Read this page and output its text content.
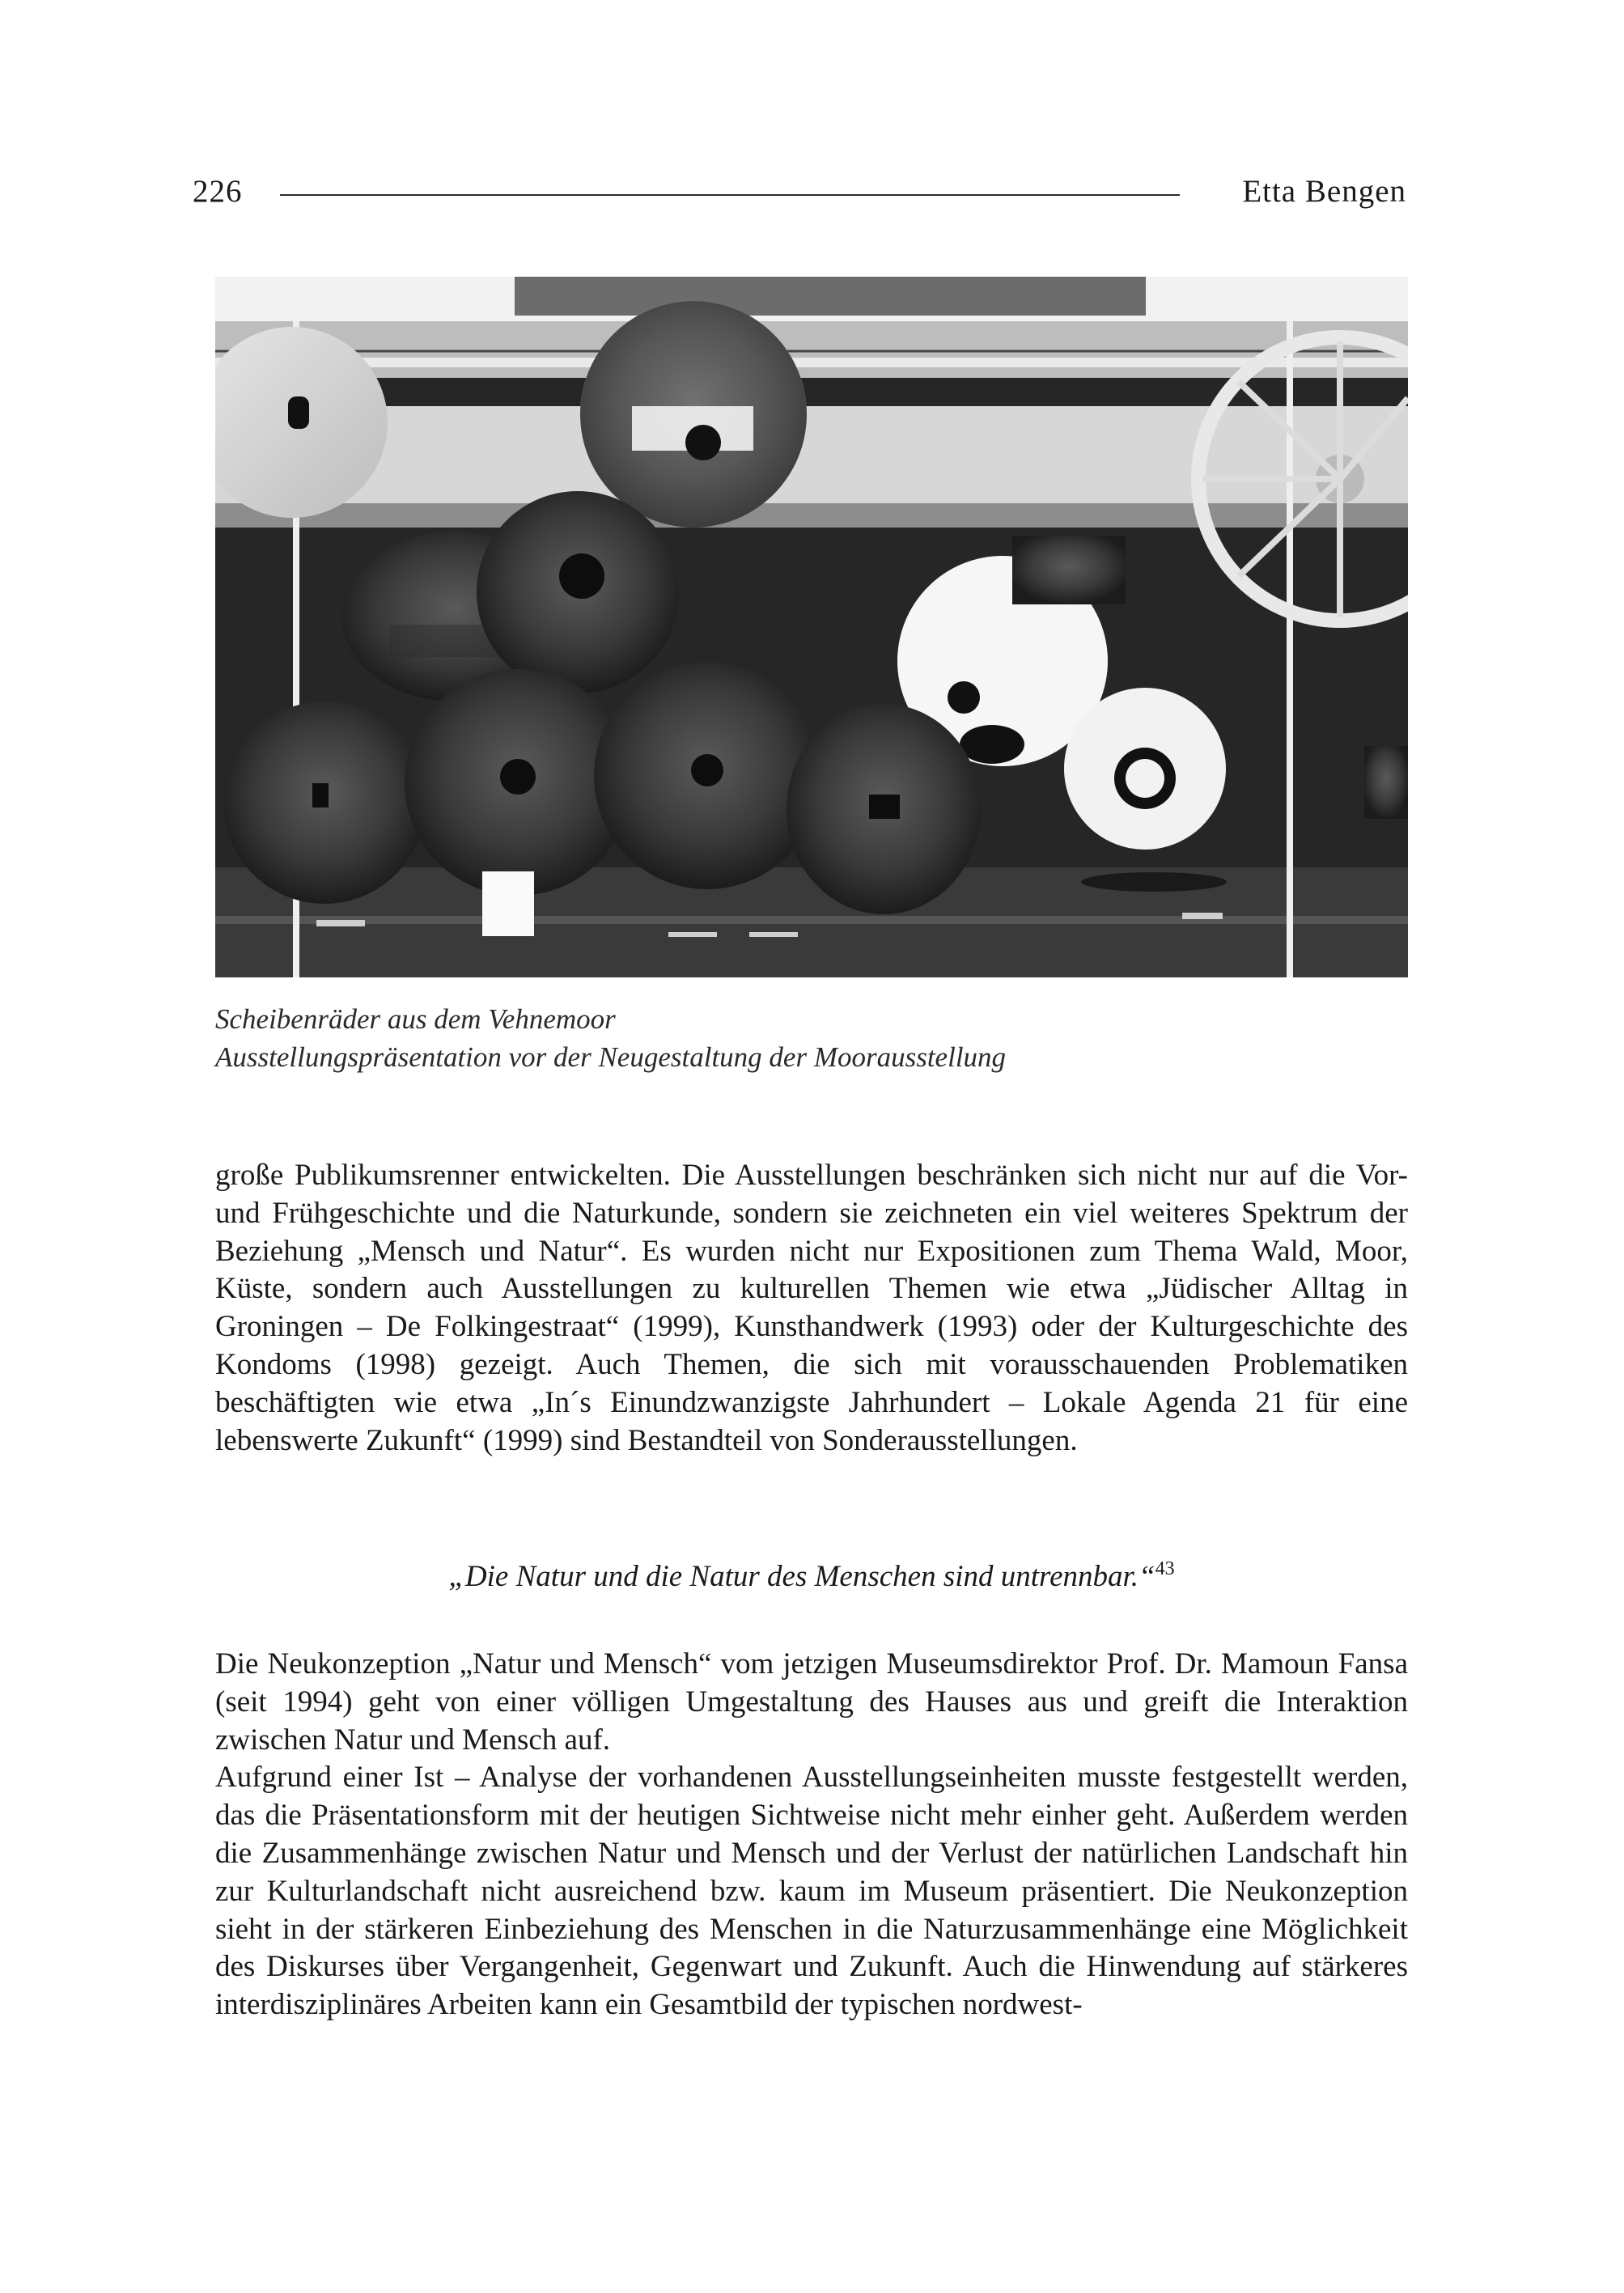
226	Etta Bengen
Scheibenräder aus dem Vehnemoor
Ausstellungspräsentation vor der Neugestaltung der Moorausstellung

große Publikumsrenner entwickelten. Die Ausstellungen beschränken sich nicht nur auf die Vor- und Frühgeschichte und die Naturkunde, sondern sie zeichneten ein viel weiteres Spektrum der Beziehung „Mensch und Natur“. Es wurden nicht nur Expositionen zum Thema Wald, Moor, Küste, sondern auch Ausstellungen zu kulturellen Themen wie etwa „Jüdischer Alltag in Groningen – De Folkingestraat“ (1999), Kunsthandwerk (1993) oder der Kulturgeschichte des Kondoms (1998) gezeigt. Auch Themen, die sich mit vorausschauenden Problematiken beschäftigten wie etwa „In´s Einundzwanzigste Jahrhundert – Lokale Agenda 21 für eine lebenswerte Zukunft“ (1999) sind Bestandteil von Sonderausstellungen.

„Die Natur und die Natur des Menschen sind untrennbar.“$^{43}$

Die Neukonzeption „Natur und Mensch“ vom jetzigen Museumsdirektor Prof. Dr. Mamoun Fansa (seit 1994) geht von einer völligen Umgestaltung des Hauses aus und greift die Interaktion zwischen Natur und Mensch auf.

Aufgrund einer Ist – Analyse der vorhandenen Ausstellungseinheiten musste festgestellt werden, das die Präsentationsform mit der heutigen Sichtweise nicht mehr einher geht. Außerdem werden die Zusammenhänge zwischen Natur und Mensch und der Verlust der natürlichen Landschaft hin zur Kulturlandschaft nicht ausreichend bzw. kaum im Museum präsentiert. Die Neukonzeption sieht in der stärkeren Einbeziehung des Menschen in die Naturzusammenhänge eine Möglichkeit des Diskurses über Vergangenheit, Gegenwart und Zukunft. Auch die Hinwendung auf stärkeres interdisziplinäres Arbeiten kann ein Gesamtbild der typischen nordwest-
